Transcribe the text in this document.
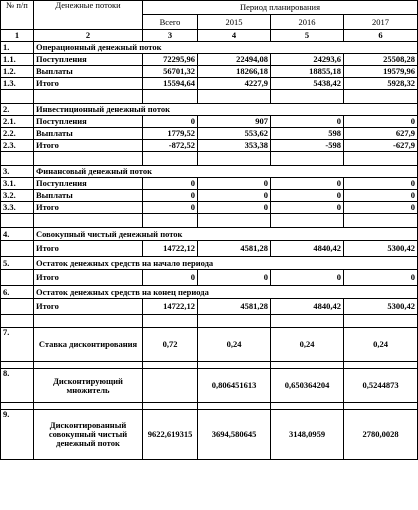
№ п/п	Денежные потоки	Период планирования			
		Всего	2015	2016	2017
1	2	3	4	5	6
1.	Операционный денежный поток				
1.1.	Поступления	72295,96	22494,08	24293,6	25508,28
1.2.	Выплаты	56701,32	18266,18	18855,18	19579,96
1.3.	Итого	15594,64	4227,9	5438,42	5928,32

2.	Инвестиционный денежный поток				
2.1.	Поступления	0	907	0	0
2.2.	Выплаты	1779,52	553,62	598	627,9
2.3.	Итого	-872,52	353,38	-598	-627,9

3.	Финансовый денежный поток				
3.1.	Поступления	0	0	0	0
3.2.	Выплаты	0	0	0	0
3.3.	Итого	0	0	0	0

4.	Совокупный чистый денежный поток				
	Итого	14722,12	4581,28	4840,42	5300,42
5.	Остаток денежных средств на начало периода				
	Итого	0	0	0	0
6.	Остаток денежных средств на конец периода				
	Итого	14722,12	4581,28	4840,42	5300,42

7.	Ставка дисконтирования	0,72	0,24	0,24	0,24

8.	Дисконтирующий множитель		0,806451613	0,650364204	0,5244873

9.	Дисконтированный совокупный чистый денежный поток	9622,619315	3694,580645	3148,0959	2780,0028
